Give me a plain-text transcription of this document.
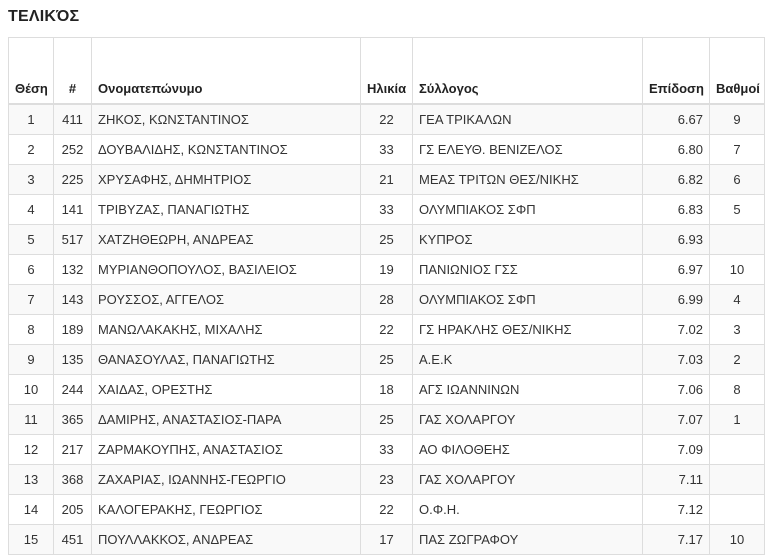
ΤΕΛΙΚΌΣ
Θέση	#	Ονοματεπώνυμο	Ηλικία	Σύλλογος	Επίδοση	Βαθμοί
1	411	ΖΗΚΟΣ, ΚΩΝΣΤΑΝΤΙΝΟΣ	22	ΓΕΑ ΤΡΙΚΑΛΩΝ	6.67	9
2	252	ΔΟΥΒΑΛΙΔΗΣ, ΚΩΝΣΤΑΝΤΙΝΟΣ	33	ΓΣ ΕΛΕΥΘ. ΒΕΝΙΖΕΛΟΣ	6.80	7
3	225	ΧΡΥΣΑΦΗΣ, ΔΗΜΗΤΡΙΟΣ	21	ΜΕΑΣ ΤΡΙΤΩΝ ΘΕΣ/ΝΙΚΗΣ	6.82	6
4	141	ΤΡΙΒΥΖΑΣ, ΠΑΝΑΓΙΩΤΗΣ	33	ΟΛΥΜΠΙΑΚΟΣ ΣΦΠ	6.83	5
5	517	ΧΑΤΖΗΘΕΩΡΗ, ΑΝΔΡΕΑΣ	25	ΚΥΠΡΟΣ	6.93	
6	132	ΜΥΡΙΑΝΘΟΠΟΥΛΟΣ, ΒΑΣΙΛΕΙΟΣ	19	ΠΑΝΙΩΝΙΟΣ ΓΣΣ	6.97	10
7	143	ΡΟΥΣΣΟΣ, ΑΓΓΕΛΟΣ	28	ΟΛΥΜΠΙΑΚΟΣ ΣΦΠ	6.99	4
8	189	ΜΑΝΩΛΑΚΑΚΗΣ, ΜΙΧΑΛΗΣ	22	ΓΣ ΗΡΑΚΛΗΣ ΘΕΣ/ΝΙΚΗΣ	7.02	3
9	135	ΘΑΝΑΣΟΥΛΑΣ, ΠΑΝΑΓΙΩΤΗΣ	25	Α.Ε.Κ	7.03	2
10	244	ΧΑΙΔΑΣ, ΟΡΕΣΤΗΣ	18	ΑΓΣ ΙΩΑΝΝΙΝΩΝ	7.06	8
11	365	ΔΑΜΙΡΗΣ, ΑΝΑΣΤΑΣΙΟΣ-ΠΑΡΑ	25	ΓΑΣ ΧΟΛΑΡΓΟΥ	7.07	1
12	217	ΖΑΡΜΑΚΟΥΠΗΣ, ΑΝΑΣΤΑΣΙΟΣ	33	ΑΟ ΦΙΛΟΘΕΗΣ	7.09	
13	368	ΖΑΧΑΡΙΑΣ, ΙΩΑΝΝΗΣ-ΓΕΩΡΓΙΟ	23	ΓΑΣ ΧΟΛΑΡΓΟΥ	7.11	
14	205	ΚΑΛΟΓΕΡΑΚΗΣ, ΓΕΩΡΓΙΟΣ	22	Ο.Φ.Η.	7.12	
15	451	ΠΟΥΛΛΑΚΚΟΣ, ΑΝΔΡΕΑΣ	17	ΠΑΣ ΖΩΓΡΑΦΟΥ	7.17	10
